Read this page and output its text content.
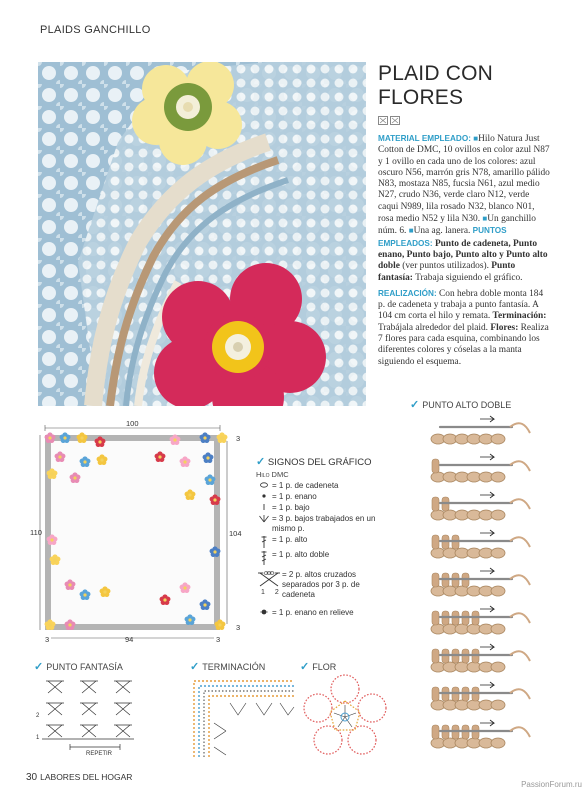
PLAIDS GANCHILLO
PLAID CON FLORES
MATERIAL EMPLEADO: ■Hilo Natura Just Cotton de DMC, 10 ovillos en color azul N87 y 1 ovillo en cada uno de los colores: azul oscuro N56, marrón gris N78, amarillo pálido N83, mostaza N85, fucsia N61, azul medio N27, crudo N36, verde claro N12, verde caqui N989, lila rosado N32, blanco N01, rosa medio N52 y lila N30. ■Un ganchillo núm. 6. ■Una ag. lanera. PUNTOS EMPLEADOS: Punto de cadeneta, Punto enano, Punto bajo, Punto alto y Punto alto doble (ver puntos utilizados). Punto fantasía: Trabaja siguiendo el gráfico.
REALIZACIÓN: Con hebra doble monta 184 p. de cadeneta y trabaja a punto fantasía. A 104 cm corta el hilo y remata. Terminación: Trabájala alrededor del plaid. Flores: Realiza 7 flores para cada esquina, combinando los diferentes colores y cóselas a la manta siguiendo el esquema.
100
3
110	104
3
3	94	3
✓ SIGNOS DEL GRÁFICO
Hilo DMC
= 1 p. de cadeneta
= 1 p. enano
= 1 p. bajo
= 3 p. bajos trabajados en un mismo p.
= 1 p. alto
= 1 p. alto doble
= 2 p. altos cruzados separados por 3 p. de cadeneta
1 2
= 1 p. enano en relieve
✓ PUNTO ALTO DOBLE
✓ PUNTO FANTASÍA
2
1
REPETIR
✓ TERMINACIÓN	✓ FLOR
30 LABORES DEL HOGAR
PassionForum.ru
